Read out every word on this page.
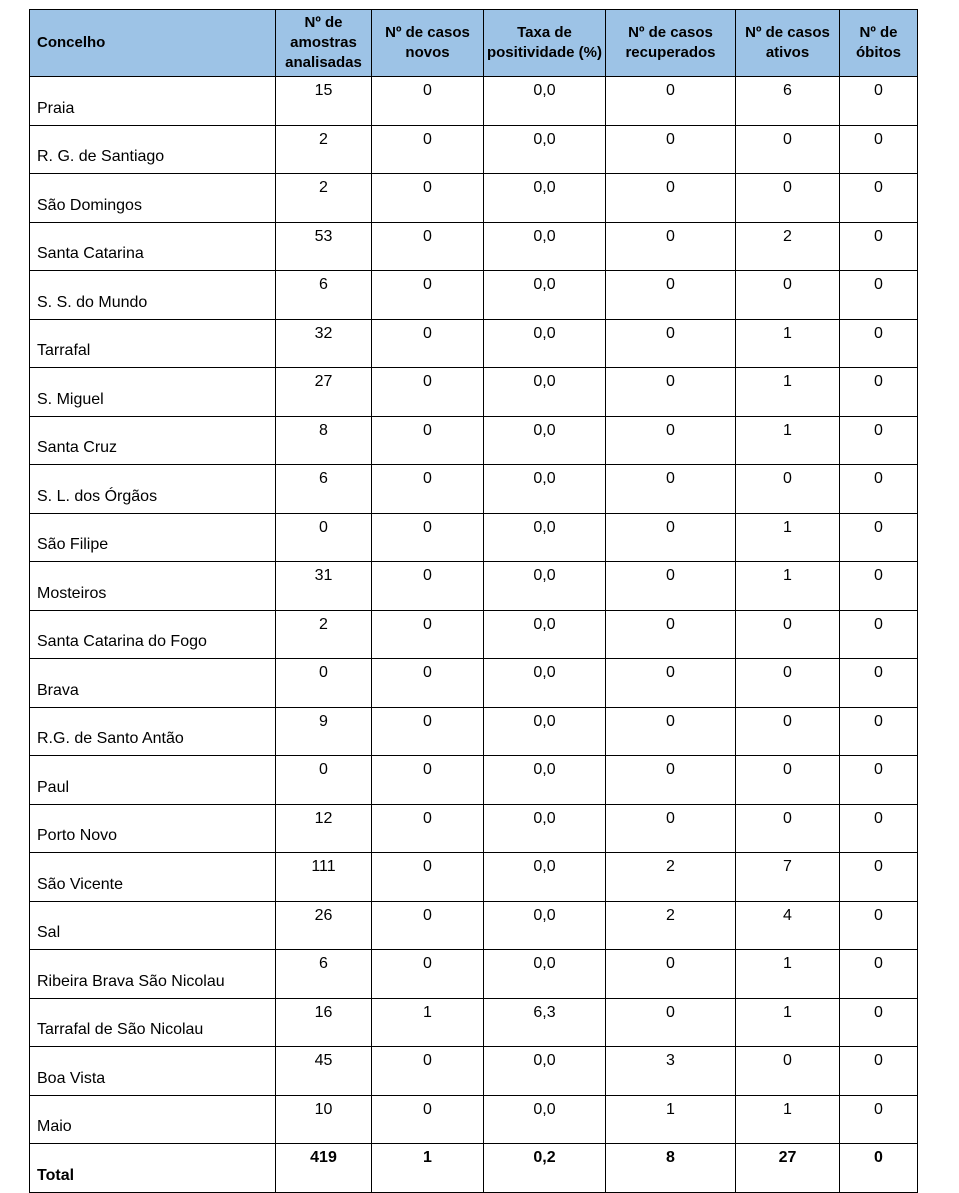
Concelho	Nº de amostras analisadas	Nº de casos novos	Taxa de positividade (%)	Nº de casos recuperados	Nº de casos ativos	Nº de óbitos
Praia	15	0	0,0	0	6	0
R. G. de Santiago	2	0	0,0	0	0	0
São Domingos	2	0	0,0	0	0	0
Santa Catarina	53	0	0,0	0	2	0
S. S. do Mundo	6	0	0,0	0	0	0
Tarrafal	32	0	0,0	0	1	0
S. Miguel	27	0	0,0	0	1	0
Santa Cruz	8	0	0,0	0	1	0
S. L. dos Órgãos	6	0	0,0	0	0	0
São Filipe	0	0	0,0	0	1	0
Mosteiros	31	0	0,0	0	1	0
Santa Catarina do Fogo	2	0	0,0	0	0	0
Brava	0	0	0,0	0	0	0
R.G. de Santo Antão	9	0	0,0	0	0	0
Paul	0	0	0,0	0	0	0
Porto Novo	12	0	0,0	0	0	0
São Vicente	111	0	0,0	2	7	0
Sal	26	0	0,0	2	4	0
Ribeira Brava São Nicolau	6	0	0,0	0	1	0
Tarrafal de São Nicolau	16	1	6,3	0	1	0
Boa Vista	45	0	0,0	3	0	0
Maio	10	0	0,0	1	1	0
Total	419	1	0,2	8	27	0
